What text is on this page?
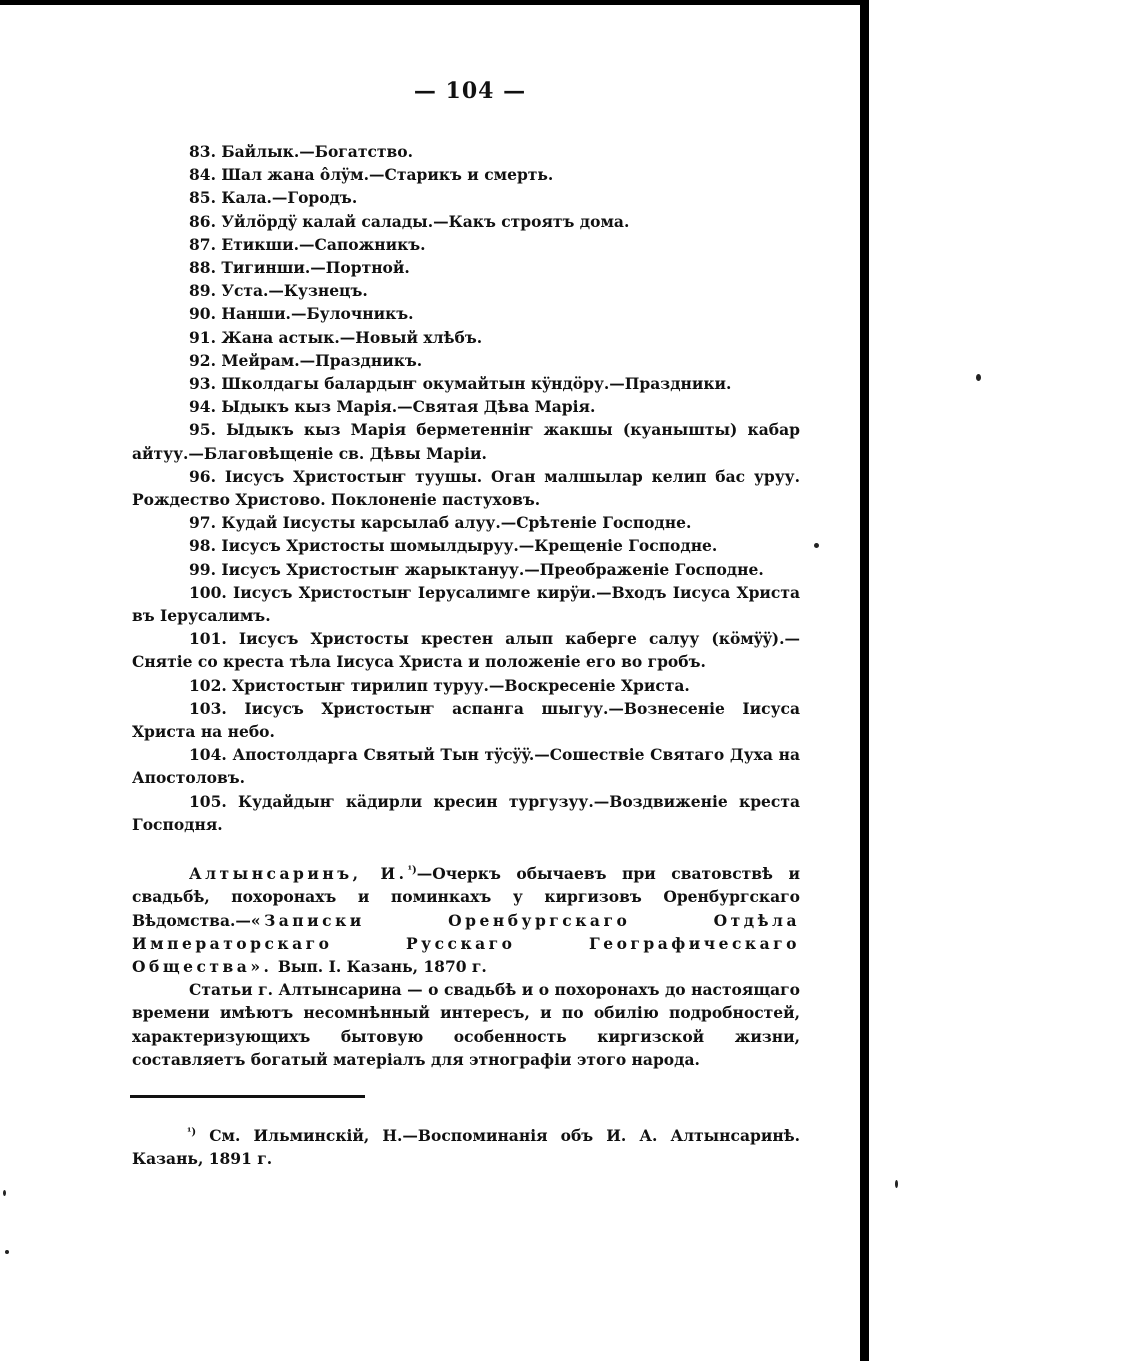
— 104 —

83. Байлык.—Богатство.

84. Шал жана ôлÿм.—Старикъ и смерть.

85. Кала.—Городъ.

86. Уйлöрдÿ калай салады.—Какъ строятъ дома.

87. Етикши.—Сапожникъ.

88. Тигинши.—Портной.

89. Уста.—Кузнецъ.

90. Нанши.—Булочникъ.

91. Жана астык.—Новый хлѣбъ.

92. Мейрам.—Праздникъ.

93. Школдагы балардыҥ окумайтын кÿндöру.—Праздники.

94. Ыдыкъ кыз Марiя.—Святая Дѣва Марiя.

95. Ыдыкъ кыз Марiя берметеннiҥ жакшы (куанышты) кабар айтуу.—Благовѣщенiе св. Дѣвы Марiи.

96. Iисусъ Христостыҥ туушы. Оган малшылар келип бас уруу. Рождество Христово. Поклоненiе пастуховъ.

97. Кудай Iисусты карсылаб алуу.—Срѣтенiе Господне.

98. Iисусъ Христосты шомылдыруу.—Крещенiе Господне.

99. Iисусъ Христостыҥ жарыктануу.—Преображенiе Господне.

100. Iисусъ Христостыҥ Iерусалимге кирÿи.—Входъ Iисуса Христа въ Iерусалимъ.

101. Iисусъ Христосты крестен алып каберге салуу (кöмÿÿ).—Снятiе со креста тѣла Iисуса Христа и положенiе его во гробъ.

102. Христостыҥ тирилип туруу.—Воскресенiе Христа.

103. Iисусъ Христостыҥ аспанга шыгуу.—Вознесенiе Iисуса Христа на небо.

104. Апостолдарга Святый Тын тÿсÿÿ.—Сошествiе Святаго Духа на Апостоловъ.

105. Кудайдыҥ кäдирли кресин тургузуу.—Воздвиженiе креста Господня.

Алтынсаринъ, И.$^{^1)}$—Очеркъ обычаевъ при сватовствѣ и свадьбѣ, похоронахъ и поминкахъ у киргизовъ Оренбургскаго Вѣдомства.—«Записки Оренбургскаго Отдѣла Императорскаго Русскаго Географическаго Общества». Вып. I. Казань, 1870 г.

Статьи г. Алтынсарина — о свадьбѣ и о похоронахъ до настоящаго времени имѣютъ несомнѣнный интересъ, и по обилiю подробностей, характеризующихъ бытовую особенность киргизской жизни, составляетъ богатый матерiалъ для этнографiи этого народа.

$^{^1)}$ См. Ильминскiй, Н.—Воспоминанiя объ И. А. Алтынсаринѣ. Казань, 1891 г.
